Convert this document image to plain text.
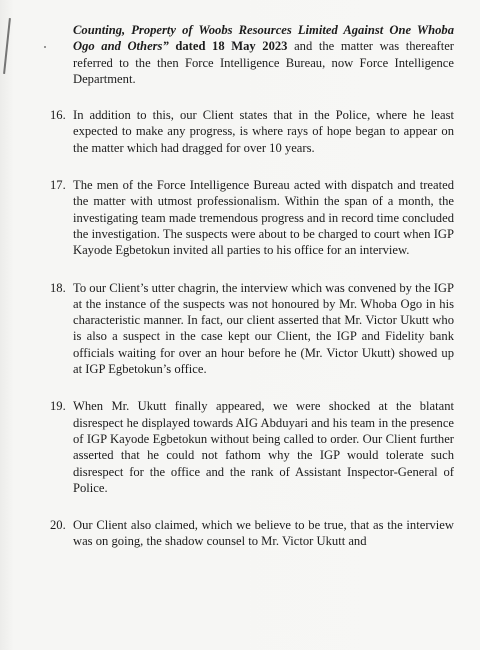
Counting, Property of Woobs Resources Limited Against One Whoba Ogo and Others” dated 18 May 2023 and the matter was thereafter referred to the then Force Intelligence Bureau, now Force Intelligence Department.

16. In addition to this, our Client states that in the Police, where he least expected to make any progress, is where rays of hope began to appear on the matter which had dragged for over 10 years.
17. The men of the Force Intelligence Bureau acted with dispatch and treated the matter with utmost professionalism. Within the span of a month, the investigating team made tremendous progress and in record time concluded the investigation. The suspects were about to be charged to court when IGP Kayode Egbetokun invited all parties to his office for an interview.
18. To our Client’s utter chagrin, the interview which was convened by the IGP at the instance of the suspects was not honoured by Mr. Whoba Ogo in his characteristic manner. In fact, our client asserted that Mr. Victor Ukutt who is also a suspect in the case kept our Client, the IGP and Fidelity bank officials waiting for over an hour before he (Mr. Victor Ukutt) showed up at IGP Egbetokun’s office.
19. When Mr. Ukutt finally appeared, we were shocked at the blatant disrespect he displayed towards AIG Abduyari and his team in the presence of IGP Kayode Egbetokun without being called to order. Our Client further asserted that he could not fathom why the IGP would tolerate such disrespect for the office and the rank of Assistant Inspector-General of Police.
20. Our Client also claimed, which we believe to be true, that as the interview was on going, the shadow counsel to Mr. Victor Ukutt and
